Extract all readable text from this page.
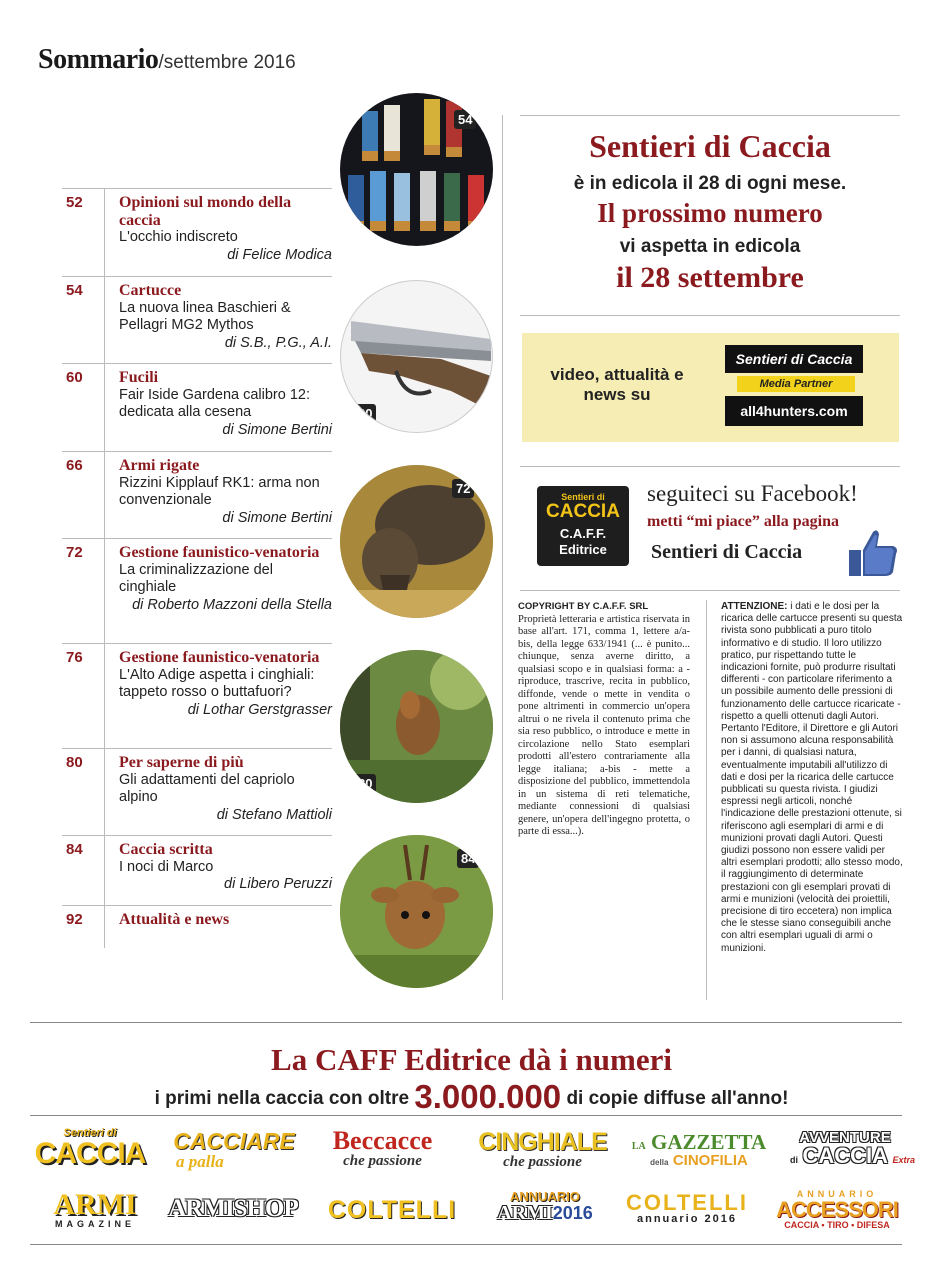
Sommario/settembre 2016
52 Opinioni sul mondo della caccia
L'occhio indiscreto
di Felice Modica
54 Cartucce
La nuova linea Baschieri & Pellagri MG2 Mythos
di S.B., P.G., A.I.
60 Fucili
Fair Iside Gardena calibro 12: dedicata alla cesena
di Simone Bertini
66 Armi rigate
Rizzini Kipplauf RK1: arma non convenzionale
di Simone Bertini
72 Gestione faunistico-venatoria
La criminalizzazione del cinghiale
di Roberto Mazzoni della Stella
76 Gestione faunistico-venatoria
L'Alto Adige aspetta i cinghiali: tappeto rosso o buttafuori?
di Lothar Gerstgrasser
80 Per saperne di più
Gli adattamenti del capriolo alpino
di Stefano Mattioli
84 Caccia scritta
I noci di Marco
di Libero Peruzzi
92 Attualità e news
54
60
72
80
84
Sentieri di Caccia
è in edicola il 28 di ogni mese.
Il prossimo numero
vi aspetta in edicola
il 28 settembre
video, attualità e news su
Sentieri di Caccia
Media Partner
all4hunters.com
Sentieri di
CACCIA
C.A.F.F.
Editrice
seguiteci su Facebook!
metti “mi piace” alla pagina
Sentieri di Caccia
COPYRIGHT BY C.A.F.F. SRL
Proprietà letteraria e artistica riservata in base all'art. 171, comma 1, lettere a/a-bis, della legge 633/1941 (... è punito... chiunque, senza averne diritto, a qualsiasi scopo e in qualsiasi forma: a - riproduce, trascrive, recita in pubblico, diffonde, vende o mette in vendita o pone altrimenti in commercio un'opera altrui o ne rivela il contenuto prima che sia reso pubblico, o introduce e mette in circolazione nello Stato esemplari prodotti all'estero contrariamente alla legge italiana; a-bis - mette a disposizione del pubblico, immettendola in un sistema di reti telematiche, mediante connessioni di qualsiasi genere, un'opera dell'ingegno protetta, o parte di essa...).
ATTENZIONE: i dati e le dosi per la ricarica delle cartucce presenti su questa rivista sono pubblicati a puro titolo informativo e di studio. Il loro utilizzo pratico, pur rispettando tutte le indicazioni fornite, può produrre risultati differenti - con particolare riferimento a un possibile aumento delle pressioni di funzionamento delle cartucce ricaricate - rispetto a quelli ottenuti dagli Autori. Pertanto l'Editore, il Direttore e gli Autori non si assumono alcuna responsabilità per i danni, di qualsiasi natura, eventualmente imputabili all'utilizzo di dati e dosi per la ricarica delle cartucce pubblicati su questa rivista. I giudizi espressi negli articoli, nonché l'indicazione delle prestazioni ottenute, si riferiscono agli esemplari di armi e di munizioni provati dagli Autori. Questi giudizi possono non essere validi per altri esemplari prodotti; allo stesso modo, il raggiungimento di determinate prestazioni con gli esemplari provati di armi e munizioni (velocità dei proiettili, precisione di tiro eccetera) non implica che le stesse siano conseguibili anche con altri esemplari uguali di armi o munizioni.
La CAFF Editrice dà i numeri
i primi nella caccia con oltre 3.000.000 di copie diffuse all'anno!
Sentieri di
CACCIA CACCIARE
a palla
Beccacce
che passione
CINGHIALE
che passione
LA GAZZETTA
della CINOFILIA
AVVENTURE
di CACCIA Extra
ARMI
MAGAZINE
ARMISHOP COLTELLI	ANNUARIO
ARMI2016	COLTELLI
annuario 2016
ANNUARIO
ACCESSORI
CACCIA • TIRO • DIFESA
